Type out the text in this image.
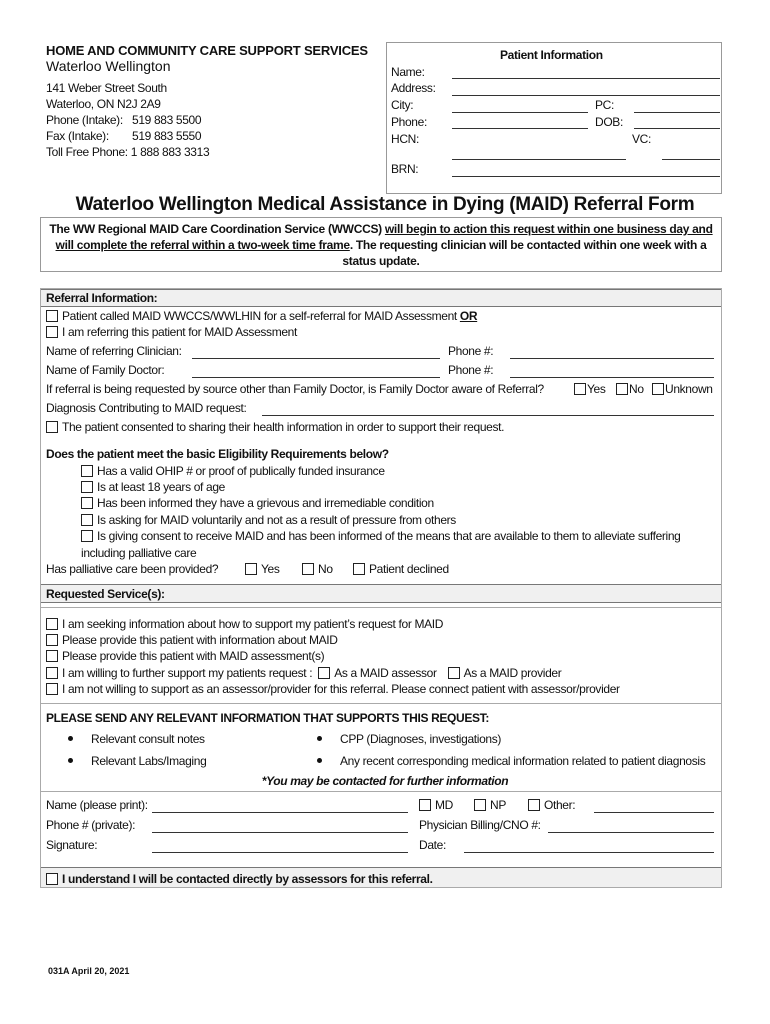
HOME AND COMMUNITY CARE SUPPORT SERVICES
Waterloo Wellington
141 Weber Street South
Waterloo, ON N2J 2A9
Phone (Intake): 519 883 5500
Fax (Intake): 519 883 5550
Toll Free Phone: 1 888 883 3313
Patient Information
Name:
Address:
City:	PC:
Phone:	DOB:
HCN:	VC:
BRN:
Waterloo Wellington Medical Assistance in Dying (MAID) Referral Form
The WW Regional MAID Care Coordination Service (WWCCS) will begin to action this request within one business day and will complete the referral within a two-week time frame. The requesting clinician will be contacted within one week with a status update.
Referral Information:
Patient called MAID WWCCS/WWLHIN for a self-referral for MAID Assessment OR
I am referring this patient for MAID Assessment
Name of referring Clinician:	Phone #:
Name of Family Doctor:	Phone #:
If referral is being requested by source other than Family Doctor, is Family Doctor aware of Referral?	Yes	No	Unknown
Diagnosis Contributing to MAID request:
The patient consented to sharing their health information in order to support their request.
Does the patient meet the basic Eligibility Requirements below?
Has a valid OHIP # or proof of publically funded insurance
Is at least 18 years of age
Has been informed they have a grievous and irremediable condition
Is asking for MAID voluntarily and not as a result of pressure from others
Is giving consent to receive MAID and has been informed of the means that are available to them to alleviate suffering
including palliative care
Has palliative care been provided?	Yes	No	Patient declined
Requested Service(s):
I am seeking information about how to support my patient’s request for MAID
Please provide this patient with information about MAID
Please provide this patient with MAID assessment(s)
I am willing to further support my patients request : As a MAID assessor As a MAID provider
I am not willing to support as an assessor/provider for this referral. Please connect patient with assessor/provider
PLEASE SEND ANY RELEVANT INFORMATION THAT SUPPORTS THIS REQUEST:
Relevant consult notes	CPP (Diagnoses, investigations)
Relevant Labs/Imaging	Any recent corresponding medical information related to patient diagnosis
*You may be contacted for further information
Name (please print):	MD	NP	Other:
Phone # (private):	Physician Billing/CNO #:
Signature:	Date:
I understand I will be contacted directly by assessors for this referral.
031A April 20, 2021
